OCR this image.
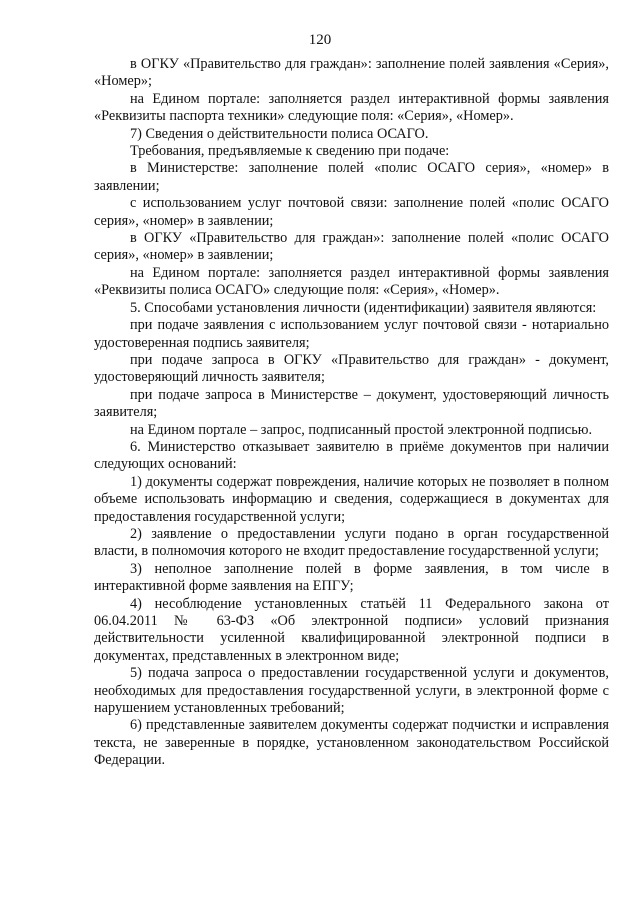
120

в ОГКУ «Правительство для граждан»: заполнение полей заявления «Серия», «Номер»;

на Едином портале: заполняется раздел интерактивной формы заявления «Реквизиты паспорта техники» следующие поля: «Серия», «Номер».

7) Сведения о действительности полиса ОСАГО.

Требования, предъявляемые к сведению при подаче:

в Министерстве: заполнение полей «полис ОСАГО серия», «номер» в заявлении;

с использованием услуг почтовой связи: заполнение полей «полис ОСАГО серия», «номер» в заявлении;

в ОГКУ «Правительство для граждан»: заполнение полей «полис ОСАГО серия», «номер» в заявлении;

на Едином портале: заполняется раздел интерактивной формы заявления «Реквизиты полиса ОСАГО» следующие поля: «Серия», «Номер».

5. Способами установления личности (идентификации) заявителя являются:

при подаче заявления с использованием услуг почтовой связи - нотариально удостоверенная подпись заявителя;

при подаче запроса в ОГКУ «Правительство для граждан» - документ, удостоверяющий личность заявителя;

при подаче запроса в Министерстве – документ, удостоверяющий личность заявителя;

на Едином портале – запрос, подписанный простой электронной подписью.

6. Министерство отказывает заявителю в приёме документов при наличии следующих оснований:

1) документы содержат повреждения, наличие которых не позволяет в полном объеме использовать информацию и сведения, содержащиеся в документах для предоставления государственной услуги;

2) заявление о предоставлении услуги подано в орган государственной власти, в полномочия которого не входит предоставление государственной услуги;

3) неполное заполнение полей в форме заявления, в том числе в интерактивной форме заявления на ЕПГУ;

4) несоблюдение установленных статьёй 11 Федерального закона от 06.04.2011 № 63-ФЗ «Об электронной подписи» условий признания действительности усиленной квалифицированной электронной подписи в документах, представленных в электронном виде;

5) подача запроса о предоставлении государственной услуги и документов, необходимых для предоставления государственной услуги, в электронной форме с нарушением установленных требований;

6) представленные заявителем документы содержат подчистки и исправления текста, не заверенные в порядке, установленном законодательством Российской Федерации.
